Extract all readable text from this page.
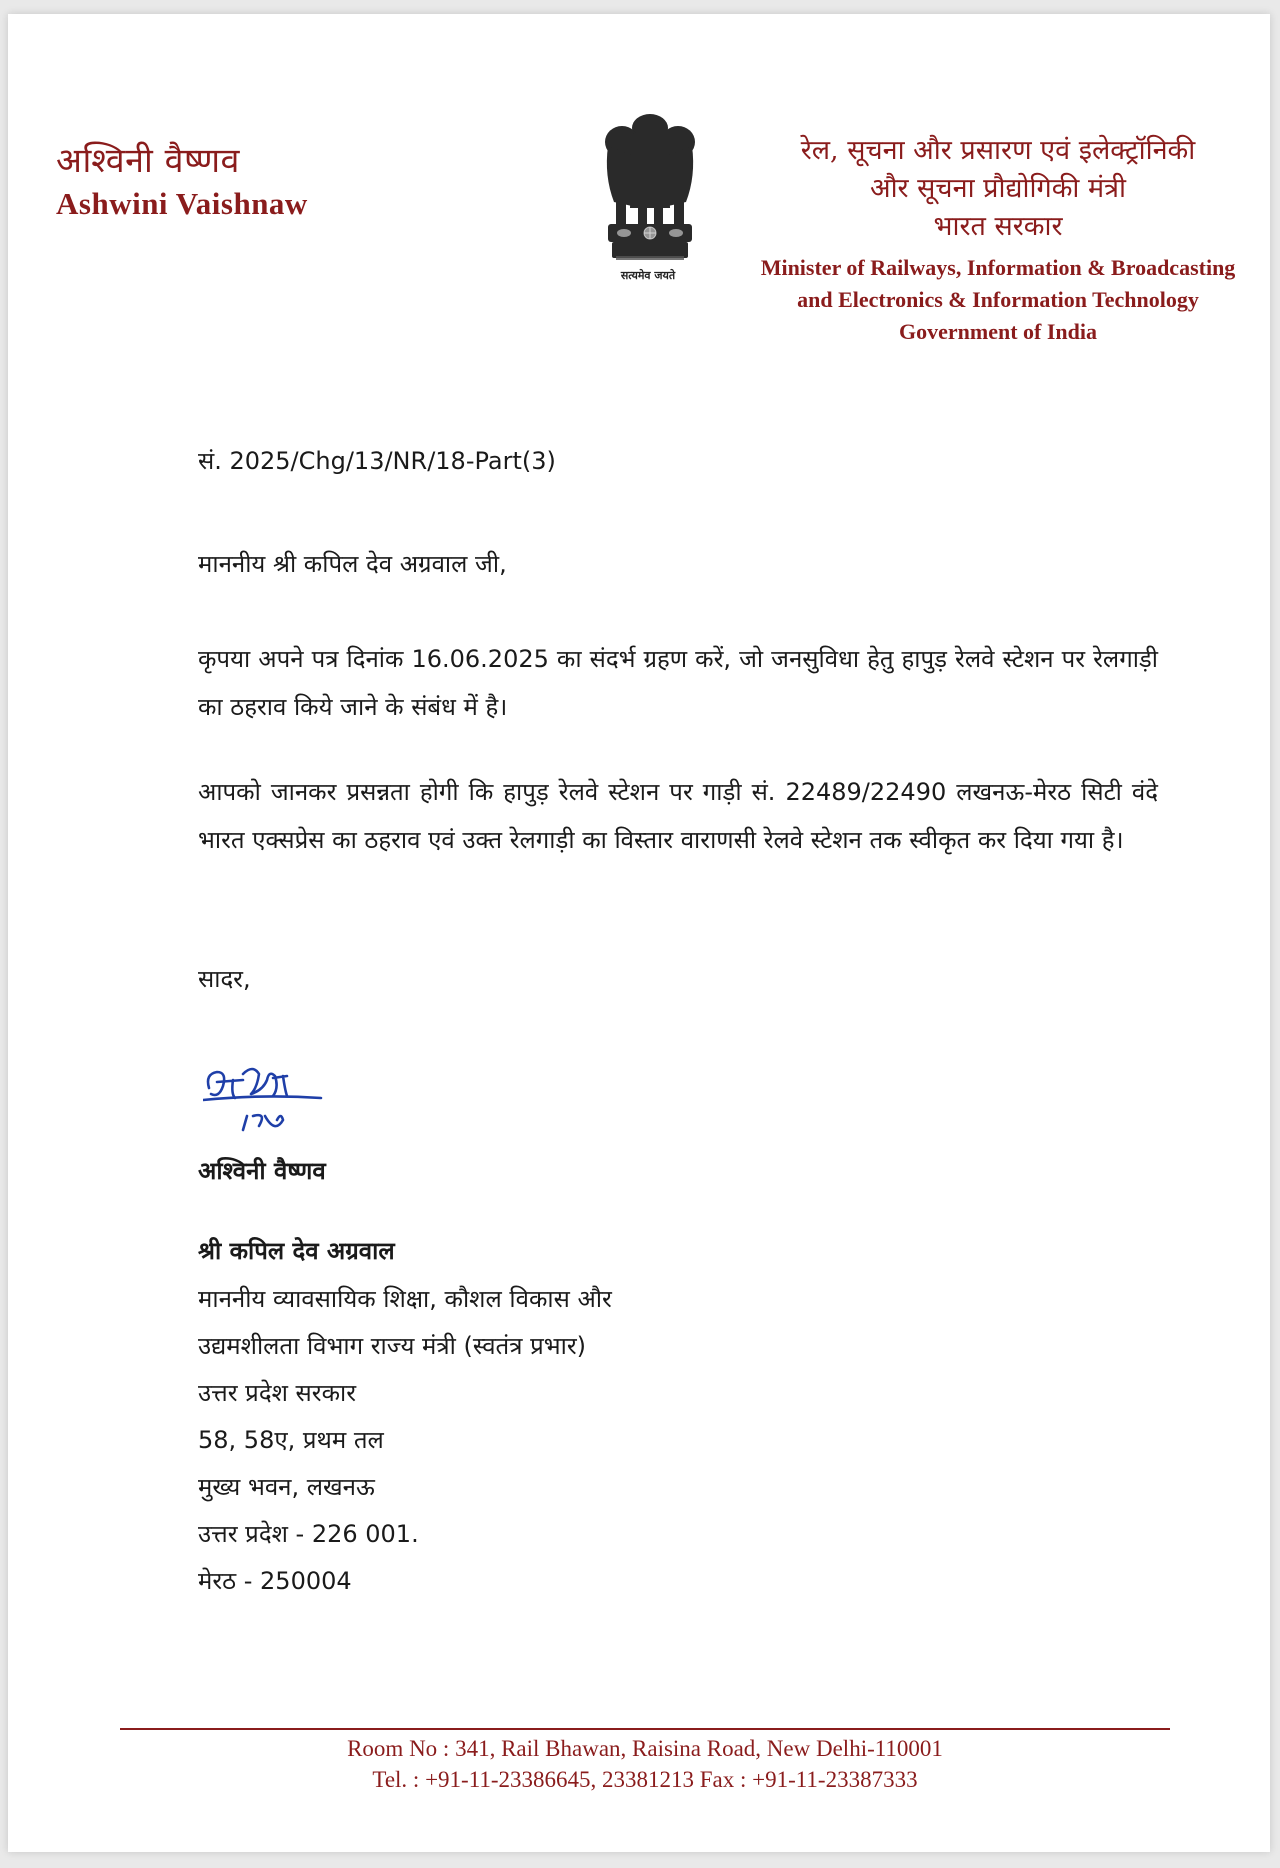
अश्विनी वैष्णव
Ashwini Vaishnaw
सत्यमेव जयते
रेल, सूचना और प्रसारण एवं इलेक्ट्रॉनिकी
और सूचना प्रौद्योगिकी मंत्री
भारत सरकार
Minister of Railways, Information & Broadcasting
and Electronics & Information Technology
Government of India
सं. 2025/Chg/13/NR/18-Part(3)
माननीय श्री कपिल देव अग्रवाल जी,

कृपया अपने पत्र दिनांक 16.06.2025 का संदर्भ ग्रहण करें, जो जनसुविधा हेतु हापुड़ रेलवे स्टेशन पर रेलगाड़ी का ठहराव किये जाने के संबंध में है।

आपको जानकर प्रसन्नता होगी कि हापुड़ रेलवे स्टेशन पर गाड़ी सं. 22489/22490 लखनऊ-मेरठ सिटी वंदे भारत एक्सप्रेस का ठहराव एवं उक्त रेलगाड़ी का विस्तार वाराणसी रेलवे स्टेशन तक स्वीकृत कर दिया गया है।

सादर,
अश्विनी वैष्णव
श्री कपिल देव अग्रवाल
माननीय व्यावसायिक शिक्षा, कौशल विकास और
उद्यमशीलता विभाग राज्य मंत्री (स्वतंत्र प्रभार)
उत्तर प्रदेश सरकार
58, 58ए, प्रथम तल
मुख्य भवन, लखनऊ
उत्तर प्रदेश - 226 001.
मेरठ - 250004
Room No : 341, Rail Bhawan, Raisina Road, New Delhi-110001
Tel. : +91-11-23386645, 23381213 Fax : +91-11-23387333
